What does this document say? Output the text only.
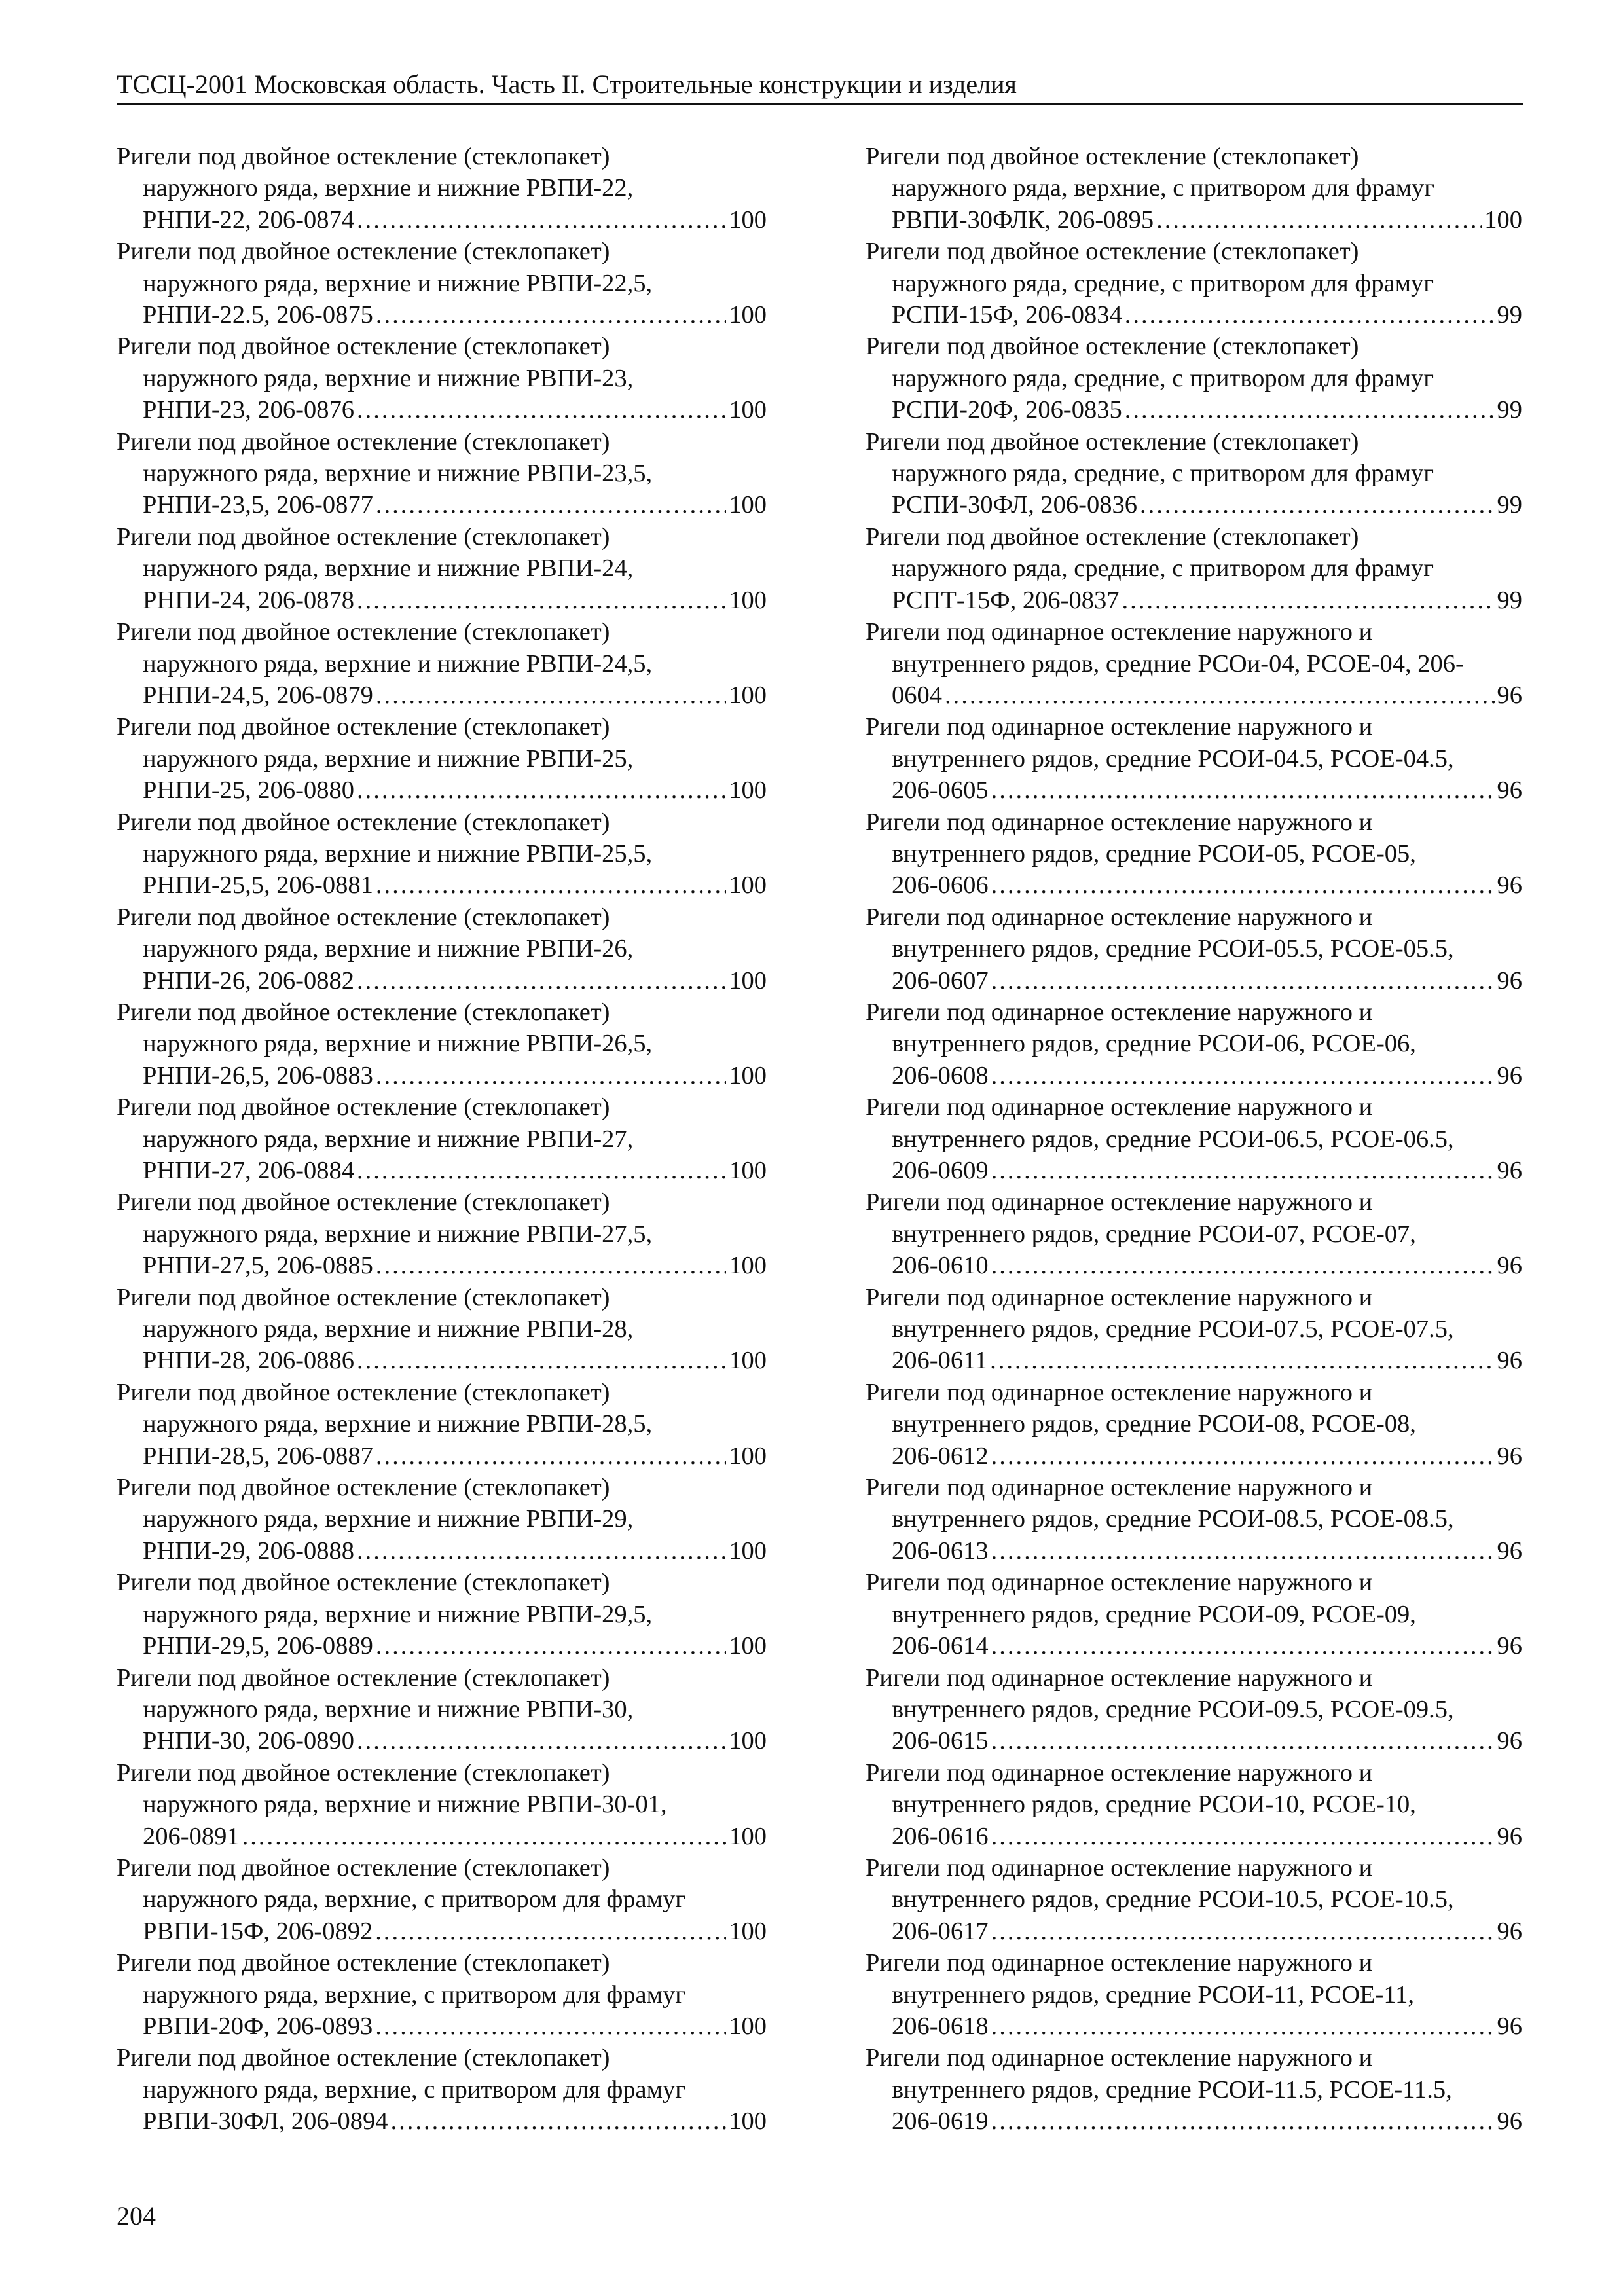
ТССЦ-2001 Московская область. Часть II. Строительные конструкции и изделия
Ригели под двойное остекление (стеклопакет)
наружного ряда, верхние и нижние РВПИ-22,
РНПИ-22, 206-0874 .....	100
Ригели под двойное остекление (стеклопакет)
наружного ряда, верхние и нижние РВПИ-22,5,
РНПИ-22.5, 206-0875 .....	100
Ригели под двойное остекление (стеклопакет)
наружного ряда, верхние и нижние РВПИ-23,
РНПИ-23, 206-0876 .....	100
Ригели под двойное остекление (стеклопакет)
наружного ряда, верхние и нижние РВПИ-23,5,
РНПИ-23,5, 206-0877 .....	100
Ригели под двойное остекление (стеклопакет)
наружного ряда, верхние и нижние РВПИ-24,
РНПИ-24, 206-0878 .....	100
Ригели под двойное остекление (стеклопакет)
наружного ряда, верхние и нижние РВПИ-24,5,
РНПИ-24,5, 206-0879 .....	100
Ригели под двойное остекление (стеклопакет)
наружного ряда, верхние и нижние РВПИ-25,
РНПИ-25, 206-0880 .....	100
Ригели под двойное остекление (стеклопакет)
наружного ряда, верхние и нижние РВПИ-25,5,
РНПИ-25,5, 206-0881 .....	100
Ригели под двойное остекление (стеклопакет)
наружного ряда, верхние и нижние РВПИ-26,
РНПИ-26, 206-0882 .....	100
Ригели под двойное остекление (стеклопакет)
наружного ряда, верхние и нижние РВПИ-26,5,
РНПИ-26,5, 206-0883 .....	100
Ригели под двойное остекление (стеклопакет)
наружного ряда, верхние и нижние РВПИ-27,
РНПИ-27, 206-0884 .....	100
Ригели под двойное остекление (стеклопакет)
наружного ряда, верхние и нижние РВПИ-27,5,
РНПИ-27,5, 206-0885 .....	100
Ригели под двойное остекление (стеклопакет)
наружного ряда, верхние и нижние РВПИ-28,
РНПИ-28, 206-0886 .....	100
Ригели под двойное остекление (стеклопакет)
наружного ряда, верхние и нижние РВПИ-28,5,
РНПИ-28,5, 206-0887 .....	100
Ригели под двойное остекление (стеклопакет)
наружного ряда, верхние и нижние РВПИ-29,
РНПИ-29, 206-0888 .....	100
Ригели под двойное остекление (стеклопакет)
наружного ряда, верхние и нижние РВПИ-29,5,
РНПИ-29,5, 206-0889 .....	100
Ригели под двойное остекление (стеклопакет)
наружного ряда, верхние и нижние РВПИ-30,
РНПИ-30, 206-0890 .....	100
Ригели под двойное остекление (стеклопакет)
наружного ряда, верхние и нижние РВПИ-30-01,
206-0891 .....	100
Ригели под двойное остекление (стеклопакет)
наружного ряда, верхние, с притвором для фрамуг
РВПИ-15Ф, 206-0892 .....	100
Ригели под двойное остекление (стеклопакет)
наружного ряда, верхние, с притвором для фрамуг
РВПИ-20Ф, 206-0893 .....	100
Ригели под двойное остекление (стеклопакет)
наружного ряда, верхние, с притвором для фрамуг
РВПИ-30ФЛ, 206-0894 .....	100
Ригели под двойное остекление (стеклопакет)
наружного ряда, верхние, с притвором для фрамуг
РВПИ-30ФЛК, 206-0895 .....	100
Ригели под двойное остекление (стеклопакет)
наружного ряда, средние, с притвором для фрамуг
РСПИ-15Ф, 206-0834 .....	99
Ригели под двойное остекление (стеклопакет)
наружного ряда, средние, с притвором для фрамуг
РСПИ-20Ф, 206-0835 .....	99
Ригели под двойное остекление (стеклопакет)
наружного ряда, средние, с притвором для фрамуг
РСПИ-30ФЛ, 206-0836 .....	99
Ригели под двойное остекление (стеклопакет)
наружного ряда, средние, с притвором для фрамуг
РСПТ-15Ф, 206-0837 .....	99
Ригели под одинарное остекление наружного и
внутреннего рядов, средние РСОи-04, РСОЕ-04, 206-
0604 .....	96
Ригели под одинарное остекление наружного и
внутреннего рядов, средние РСОИ-04.5, РСОЕ-04.5,
206-0605 .....	96
Ригели под одинарное остекление наружного и
внутреннего рядов, средние РСОИ-05, РСОЕ-05,
206-0606 .....	96
Ригели под одинарное остекление наружного и
внутреннего рядов, средние РСОИ-05.5, РСОЕ-05.5,
206-0607 .....	96
Ригели под одинарное остекление наружного и
внутреннего рядов, средние РСОИ-06, РСОЕ-06,
206-0608 .....	96
Ригели под одинарное остекление наружного и
внутреннего рядов, средние РСОИ-06.5, РСОЕ-06.5,
206-0609 .....	96
Ригели под одинарное остекление наружного и
внутреннего рядов, средние РСОИ-07, РСОЕ-07,
206-0610 .....	96
Ригели под одинарное остекление наружного и
внутреннего рядов, средние РСОИ-07.5, РСОЕ-07.5,
206-0611 .....	96
Ригели под одинарное остекление наружного и
внутреннего рядов, средние РСОИ-08, РСОЕ-08,
206-0612 .....	96
Ригели под одинарное остекление наружного и
внутреннего рядов, средние РСОИ-08.5, РСОЕ-08.5,
206-0613 .....	96
Ригели под одинарное остекление наружного и
внутреннего рядов, средние РСОИ-09, РСОЕ-09,
206-0614 .....	96
Ригели под одинарное остекление наружного и
внутреннего рядов, средние РСОИ-09.5, РСОЕ-09.5,
206-0615 .....	96
Ригели под одинарное остекление наружного и
внутреннего рядов, средние РСОИ-10, РСОЕ-10,
206-0616 .....	96
Ригели под одинарное остекление наружного и
внутреннего рядов, средние РСОИ-10.5, РСОЕ-10.5,
206-0617 .....	96
Ригели под одинарное остекление наружного и
внутреннего рядов, средние РСОИ-11, РСОЕ-11,
206-0618 .....	96
Ригели под одинарное остекление наружного и
внутреннего рядов, средние РСОИ-11.5, РСОЕ-11.5,
206-0619 .....	96
204
